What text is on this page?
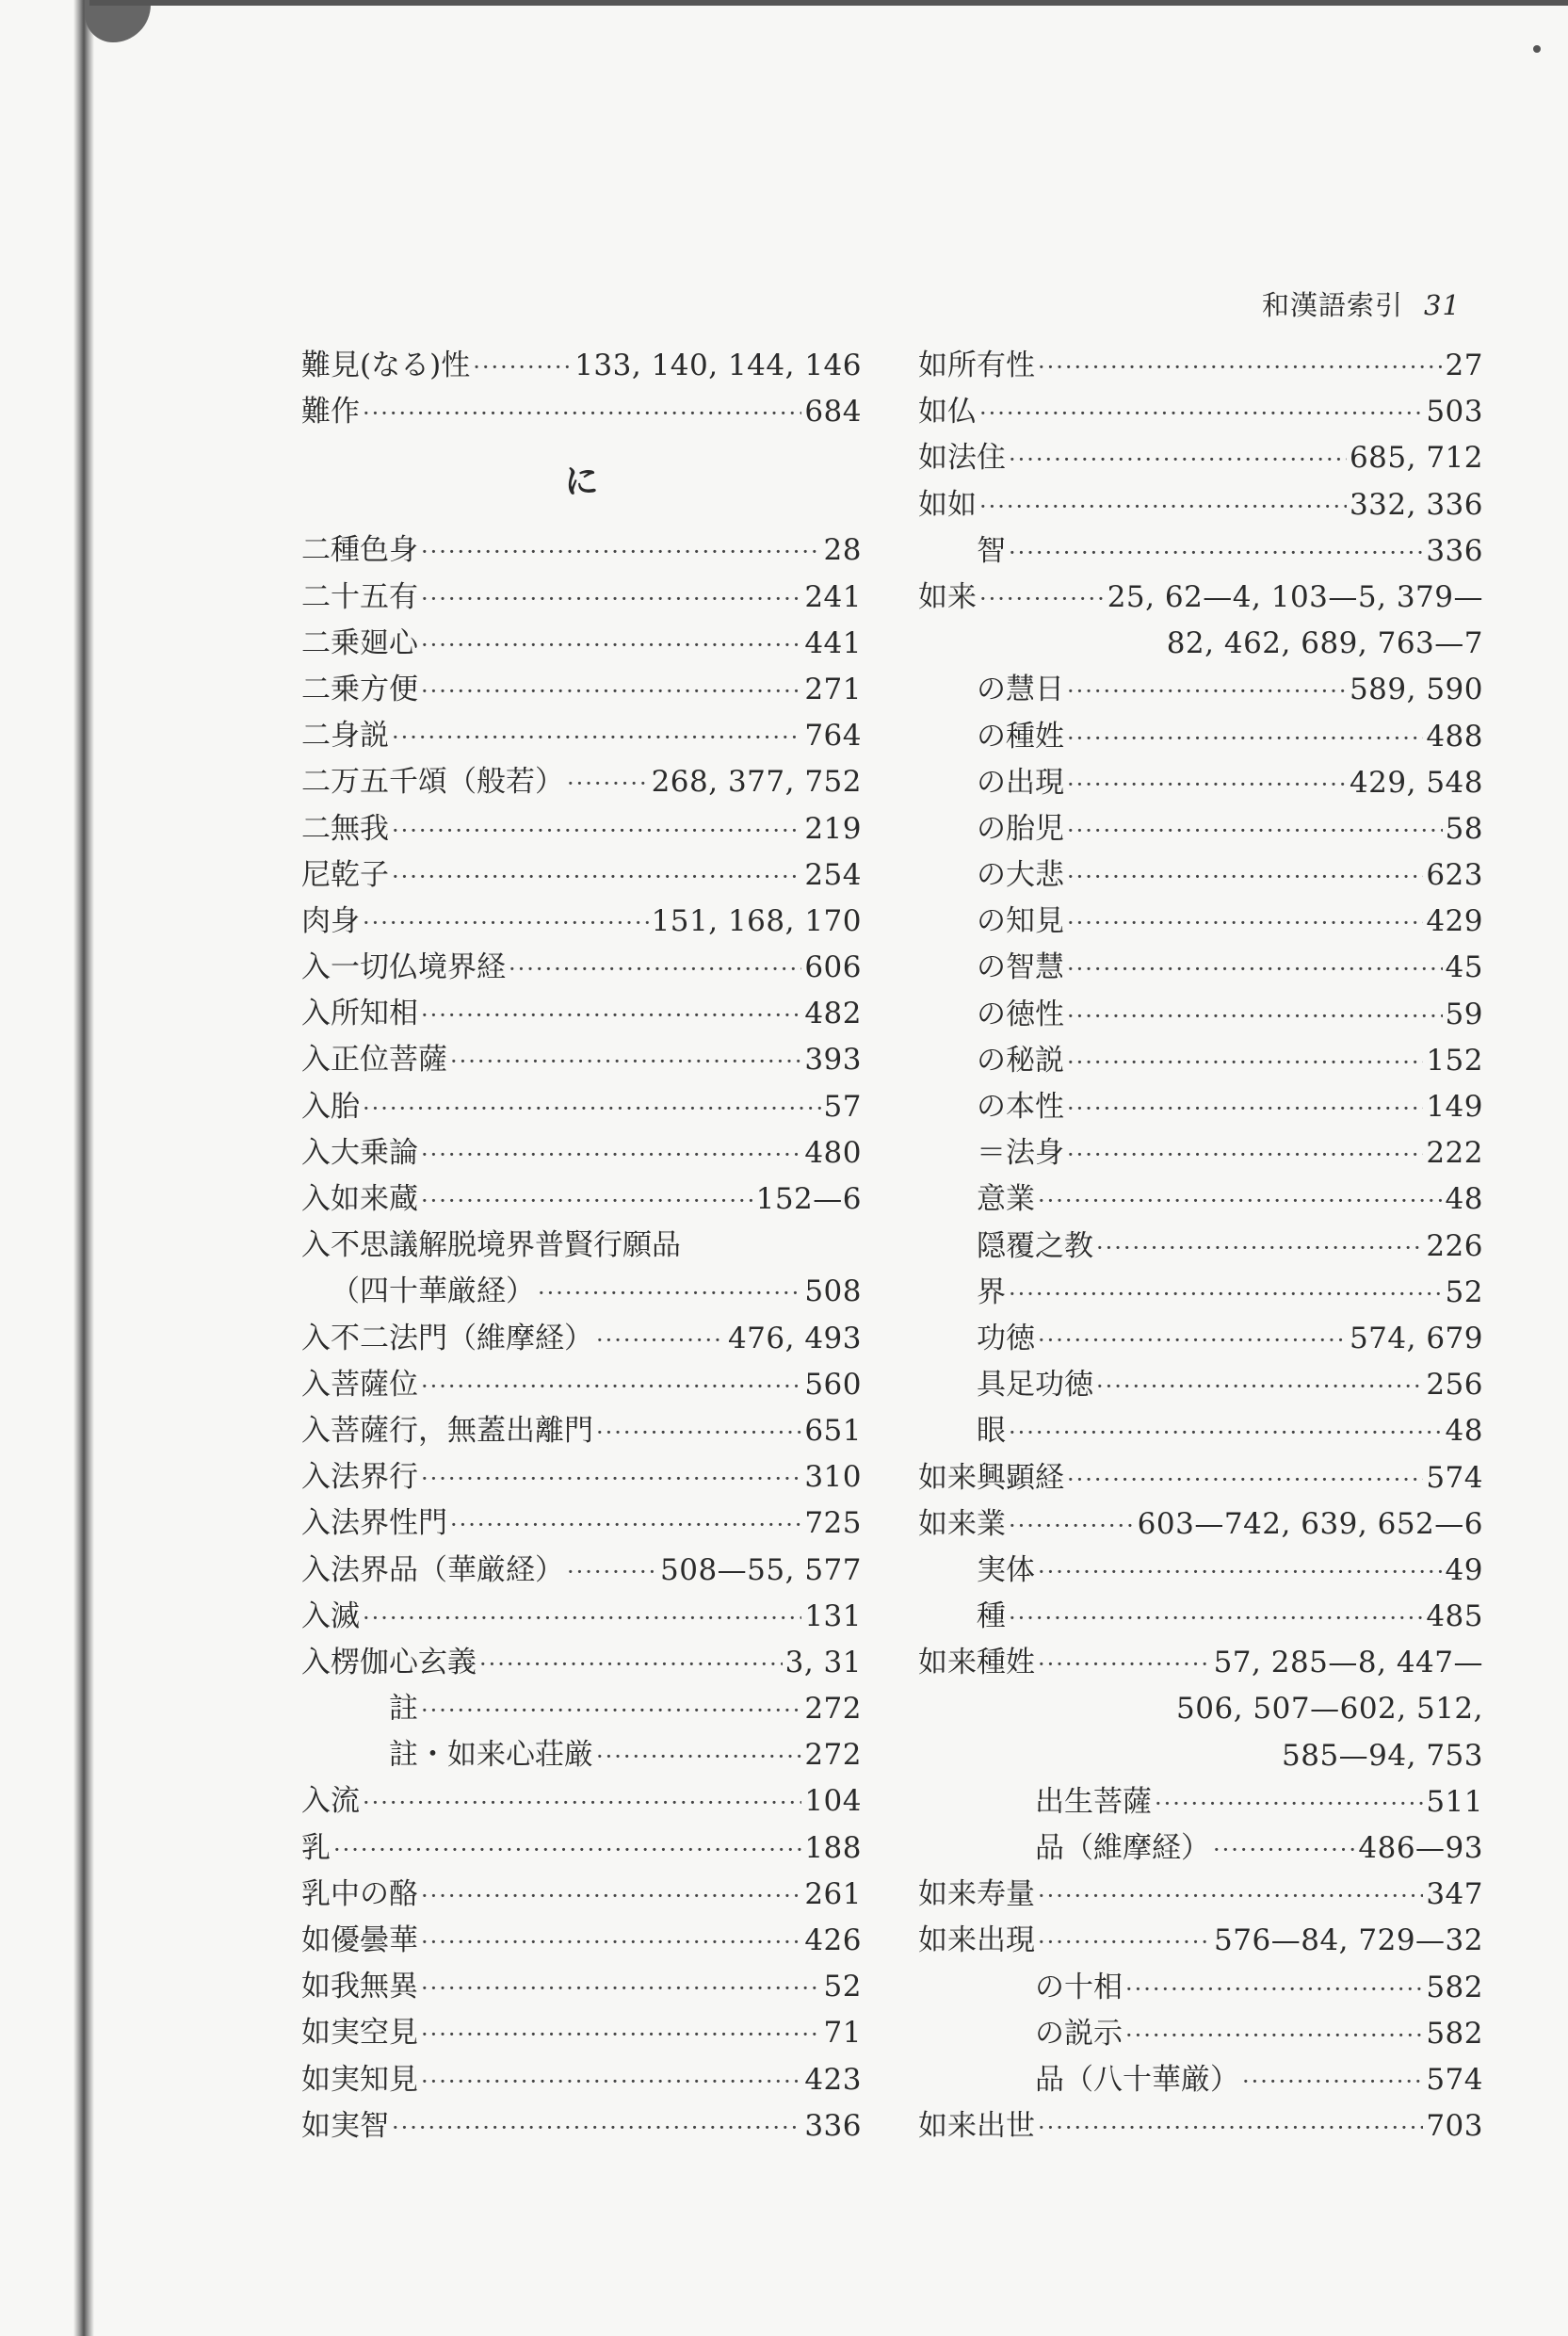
和漢語索引 31
難見(なる)性 ·····	133, 140, 144, 146
難作 ·····	684
に
二種色身 ·····	28
二十五有 ·····	241
二乗廻心 ·····	441
二乗方便 ·····	271
二身説 ·····	764
二万五千頌（般若） ·····	268, 377, 752
二無我 ·····	219
尼乾子 ·····	254
肉身 ·····	151, 168, 170
入一切仏境界経 ·····	606
入所知相 ·····	482
入正位菩薩 ·····	393
入胎 ·····	57
入大乗論 ·····	480
入如来蔵 ·····	152—6
入不思議解脱境界普賢行願品
（四十華厳経） ·····	508
入不二法門（維摩経） ·····	476, 493
入菩薩位 ·····	560
入菩薩行，無蓋出離門 ·····	651
入法界行 ·····	310
入法界性門 ·····	725
入法界品（華厳経） ·····	508—55, 577
入滅 ·····	131
入楞伽心玄義 ·····	3, 31
註 ·····	272
註・如来心荘厳 ·····	272
入流 ·····	104
乳 ·····	188
乳中の酪 ·····	261
如優曇華 ·····	426
如我無異 ·····	52
如実空見 ·····	71
如実知見 ·····	423
如実智 ·····	336
如所有性 ·····	27
如仏 ·····	503
如法住 ·····	685, 712
如如 ·····	332, 336
智 ·····	336
如来 ·····	25, 62—4, 103—5, 379—
82, 462, 689, 763—7
の慧日 ·····	589, 590
の種姓 ·····	488
の出現 ·····	429, 548
の胎児 ·····	58
の大悲 ·····	623
の知見 ·····	429
の智慧 ·····	45
の徳性 ·····	59
の秘説 ·····	152
の本性 ·····	149
＝法身 ·····	222
意業 ·····	48
隠覆之教 ·····	226
界 ·····	52
功徳 ·····	574, 679
具足功徳 ·····	256
眼 ·····	48
如来興顕経 ·····	574
如来業 ·····	603—742, 639, 652—6
実体 ·····	49
種 ·····	485
如来種姓 ·····	57, 285—8, 447—
506, 507—602, 512,
585—94, 753
出生菩薩 ·····	511
品（維摩経） ·····	486—93
如来寿量 ·····	347
如来出現 ·····	576—84, 729—32
の十相 ·····	582
の説示 ·····	582
品（八十華厳） ·····	574
如来出世 ·····	703
